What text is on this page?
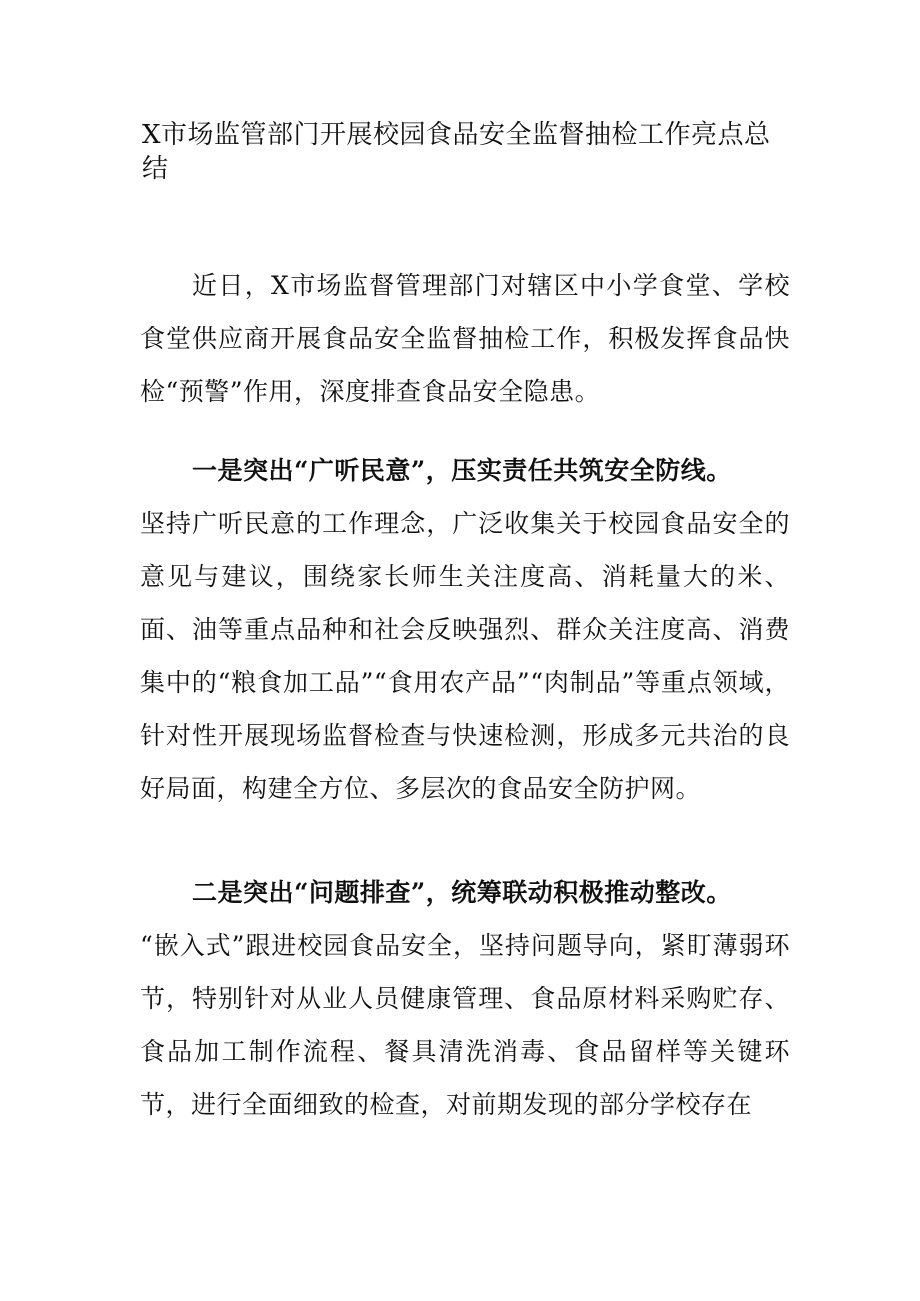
X市场监管部门开展校园食品安全监督抽检工作亮点总结

近日，X市场监督管理部门对辖区中小学食堂、学校食堂供应商开展食品安全监督抽检工作，积极发挥食品快检“预警”作用，深度排查食品安全隐患。

一是突出“广听民意”，压实责任共筑安全防线。

坚持广听民意的工作理念，广泛收集关于校园食品安全的意见与建议，围绕家长师生关注度高、消耗量大的米、面、油等重点品种和社会反映强烈、群众关注度高、消费集中的“粮食加工品”“食用农产品”“肉制品”等重点领域，针对性开展现场监督检查与快速检测，形成多元共治的良好局面，构建全方位、多层次的食品安全防护网。

二是突出“问题排查”，统筹联动积极推动整改。

“嵌入式”跟进校园食品安全，坚持问题导向，紧盯薄弱环节，特别针对从业人员健康管理、食品原材料采购贮存、食品加工制作流程、餐具清洗消毒、食品留样等关键环节，进行全面细致的检查，对前期发现的部分学校存在
